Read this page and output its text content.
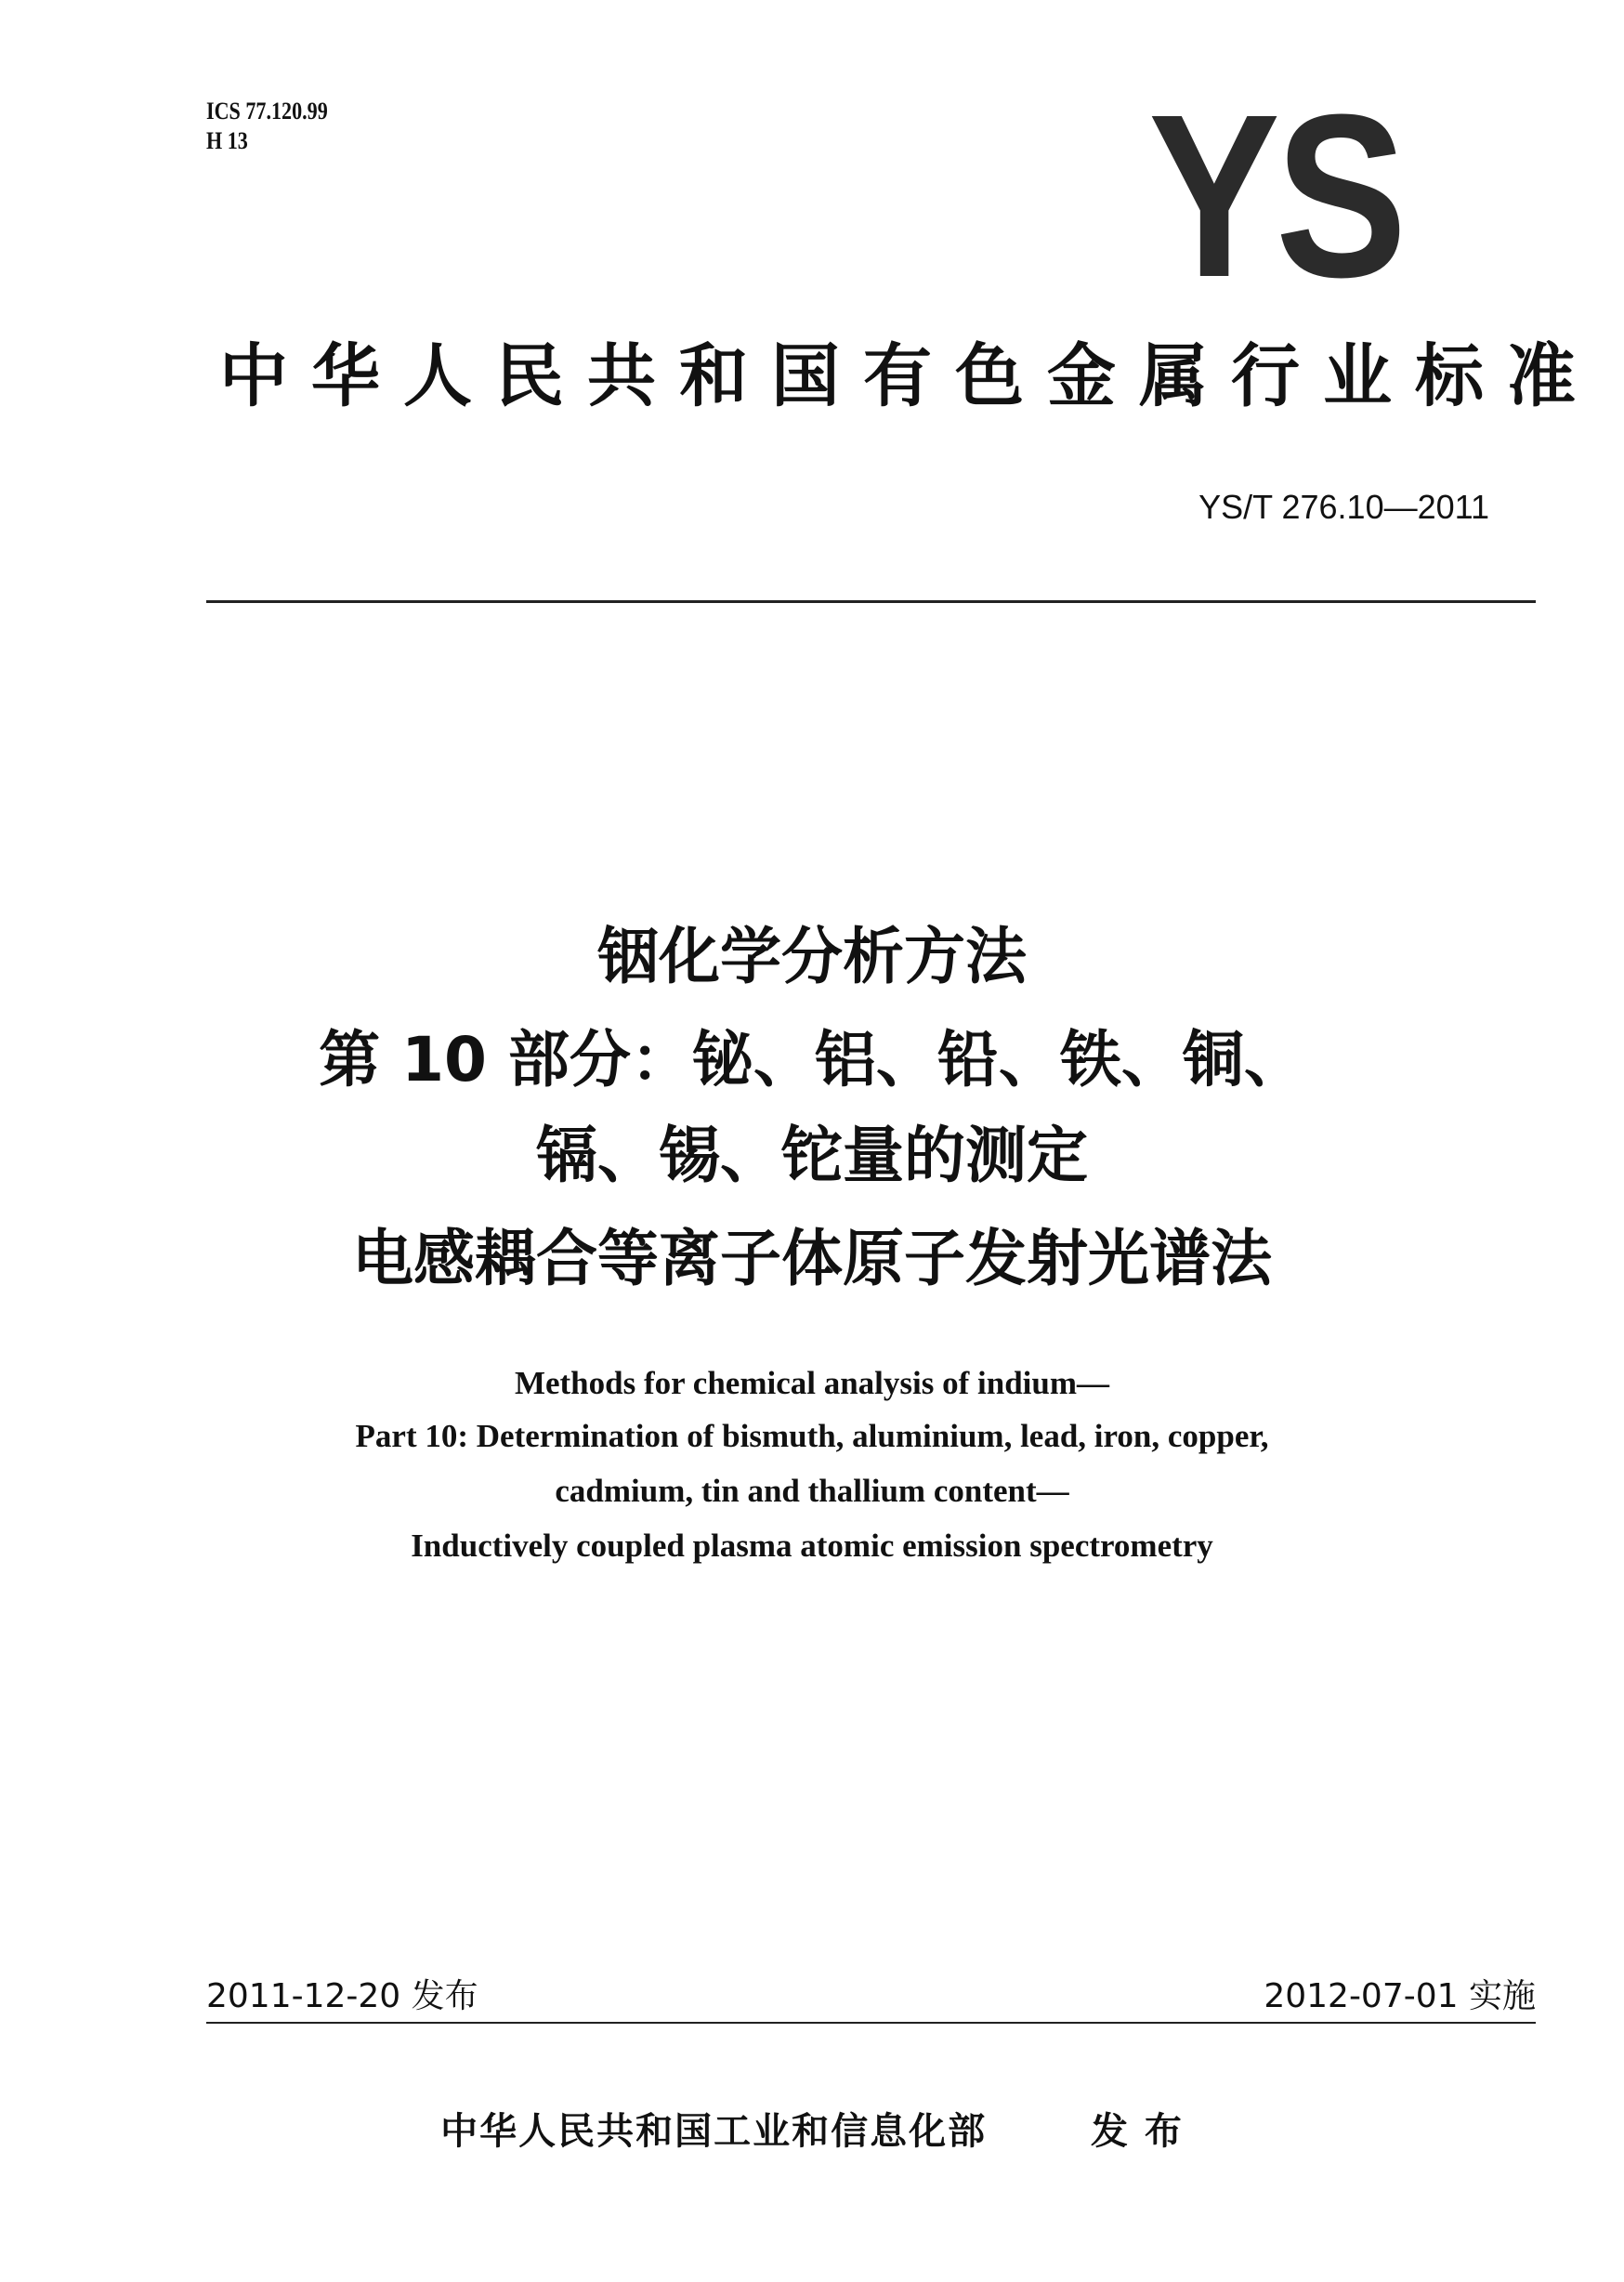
ICS 77.120.99
H 13	YS
中华人民共和国有色金属行业标准
YS/T 276.10—2011
铟化学分析方法
第 10 部分：铋、铝、铅、铁、铜、
镉、锡、铊量的测定
电感耦合等离子体原子发射光谱法
Methods for chemical analysis of indium—
Part 10: Determination of bismuth, aluminium, lead, iron, copper,
cadmium, tin and thallium content—
Inductively coupled plasma atomic emission spectrometry
2011-12-20 发布	2012-07-01 实施
中华人民共和国工业和信息化部	发 布
